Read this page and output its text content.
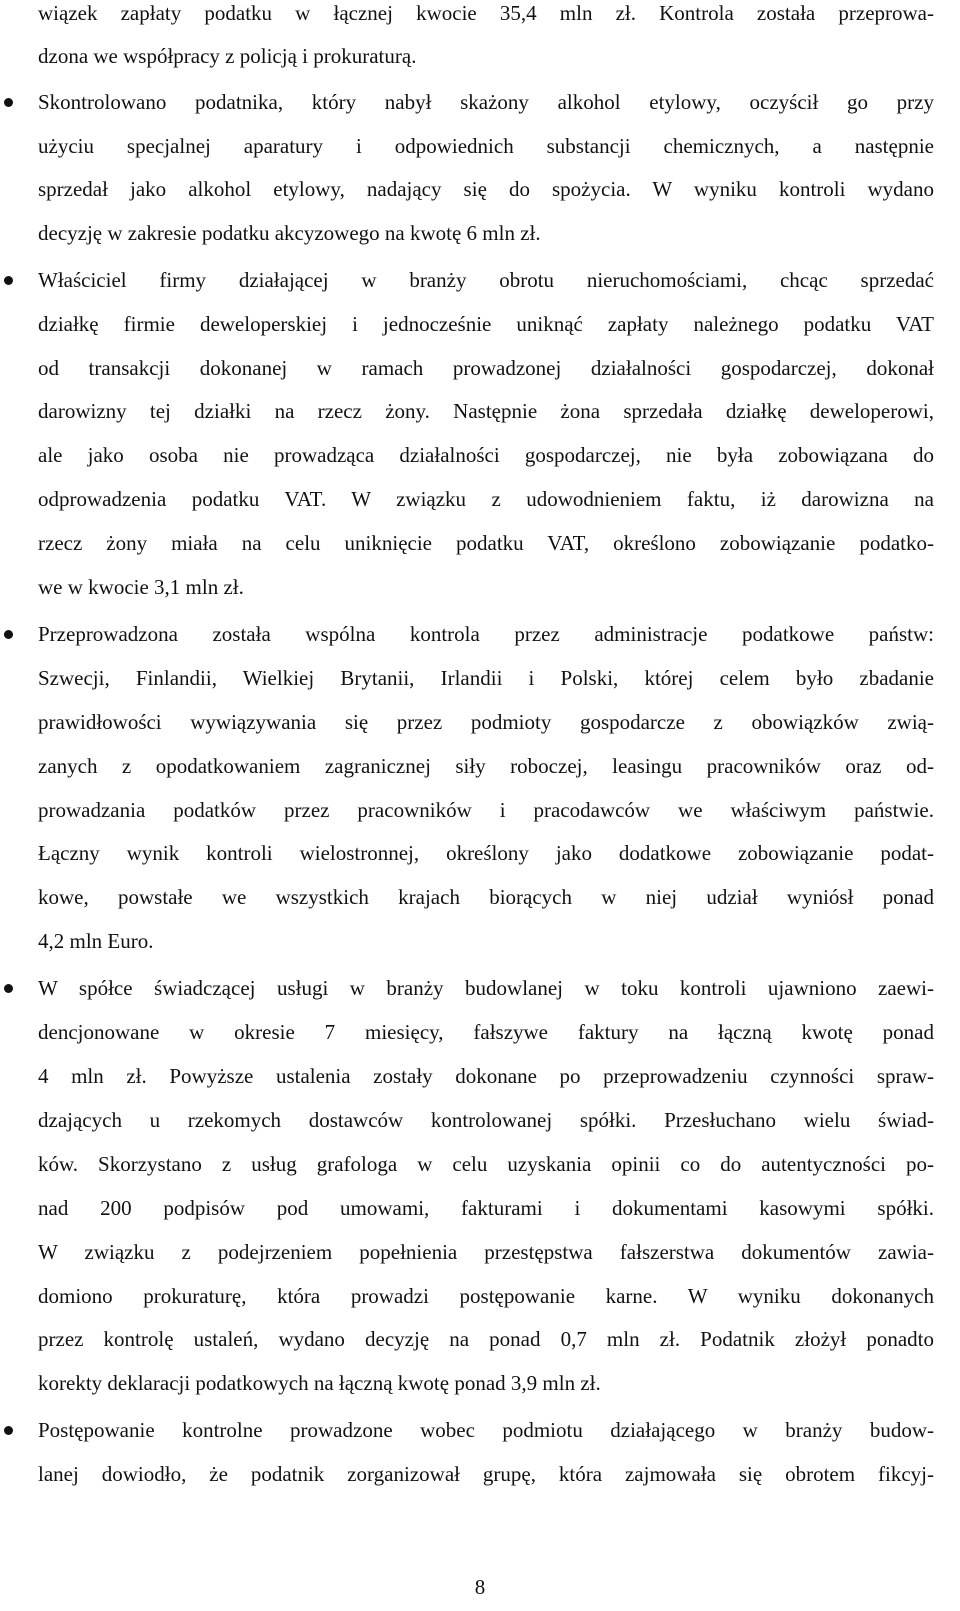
wiązek zapłaty podatku w łącznej kwocie 35,4 mln zł. Kontrola została przeprowa-
dzona we współpracy z policją i prokuraturą.
Skontrolowano podatnika, który nabył skażony alkohol etylowy, oczyścił go przy
użyciu specjalnej aparatury i odpowiednich substancji chemicznych, a następnie
sprzedał jako alkohol etylowy, nadający się do spożycia. W wyniku kontroli wydano
decyzję w zakresie podatku akcyzowego na kwotę 6 mln zł.
Właściciel firmy działającej w branży obrotu nieruchomościami, chcąc sprzedać
działkę firmie deweloperskiej i jednocześnie uniknąć zapłaty należnego podatku VAT
od transakcji dokonanej w ramach prowadzonej działalności gospodarczej, dokonał
darowizny tej działki na rzecz żony. Następnie żona sprzedała działkę deweloperowi,
ale jako osoba nie prowadząca działalności gospodarczej, nie była zobowiązana do
odprowadzenia podatku VAT. W związku z udowodnieniem faktu, iż darowizna na
rzecz żony miała na celu uniknięcie podatku VAT, określono zobowiązanie podatko-
we w kwocie 3,1 mln zł.
Przeprowadzona została wspólna kontrola przez administracje podatkowe państw:
Szwecji, Finlandii, Wielkiej Brytanii, Irlandii i Polski, której celem było zbadanie
prawidłowości wywiązywania się przez podmioty gospodarcze z obowiązków zwią-
zanych z opodatkowaniem zagranicznej siły roboczej, leasingu pracowników oraz od-
prowadzania podatków przez pracowników i pracodawców we właściwym państwie.
Łączny wynik kontroli wielostronnej, określony jako dodatkowe zobowiązanie podat-
kowe, powstałe we wszystkich krajach biorących w niej udział wyniósł ponad
4,2 mln Euro.
W spółce świadczącej usługi w branży budowlanej w toku kontroli ujawniono zaewi-
dencjonowane w okresie 7 miesięcy, fałszywe faktury na łączną kwotę ponad
4 mln zł. Powyższe ustalenia zostały dokonane po przeprowadzeniu czynności spraw-
dzających u rzekomych dostawców kontrolowanej spółki. Przesłuchano wielu świad-
ków. Skorzystano z usług grafologa w celu uzyskania opinii co do autentyczności po-
nad 200 podpisów pod umowami, fakturami i dokumentami kasowymi spółki.
W związku z podejrzeniem popełnienia przestępstwa fałszerstwa dokumentów zawia-
domiono prokuraturę, która prowadzi postępowanie karne. W wyniku dokonanych
przez kontrolę ustaleń, wydano decyzję na ponad 0,7 mln zł. Podatnik złożył ponadto
korekty deklaracji podatkowych na łączną kwotę ponad 3,9 mln zł.
Postępowanie kontrolne prowadzone wobec podmiotu działającego w branży budow-
lanej dowiodło, że podatnik zorganizował grupę, która zajmowała się obrotem fikcyj-
8
